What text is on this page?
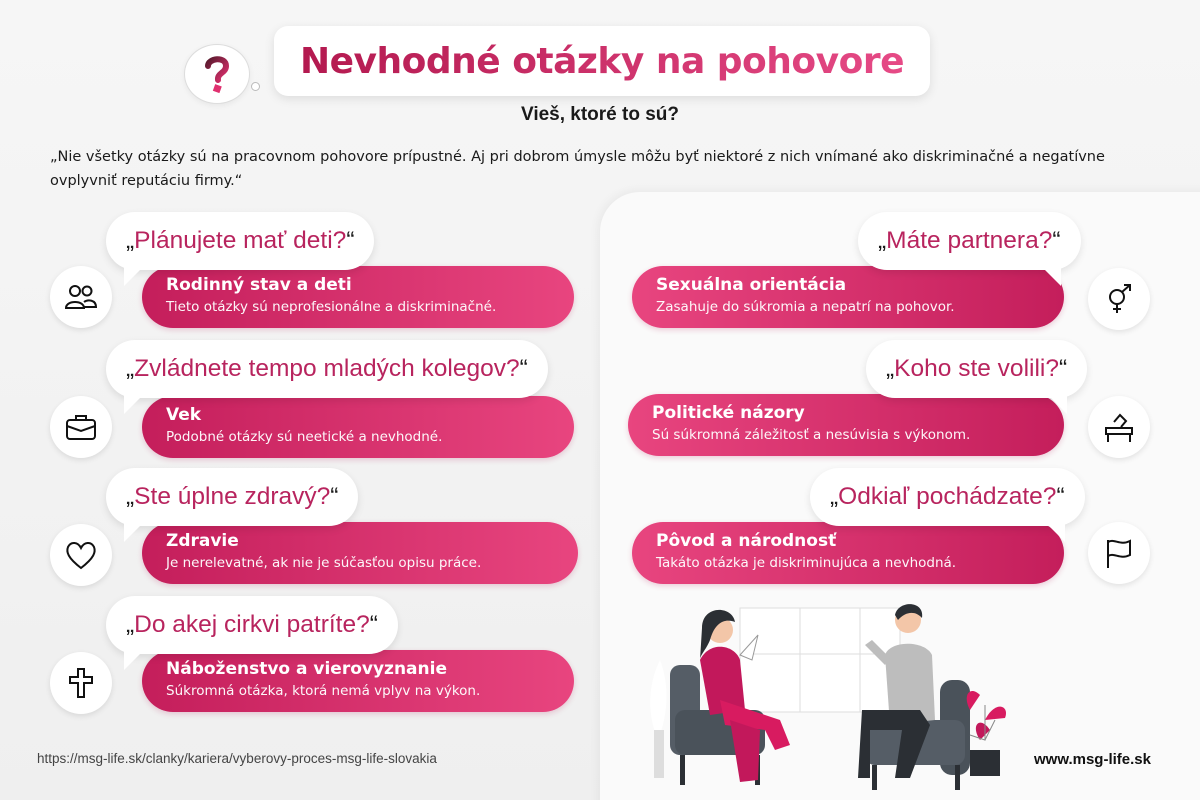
Nevhodné otázky na pohovore
Vieš, ktoré to sú?
„Nie všetky otázky sú na pracovnom pohovore prípustné. Aj pri dobrom úmysle môžu byť niektoré z nich vnímané ako diskriminačné a negatívne ovplyvniť reputáciu firmy.“
Rodinný stav a deti
Tieto otázky sú neprofesionálne a diskriminačné.
„ Plánujete mať deti? “
Vek
Podobné otázky sú neetické a nevhodné.
„ Zvládnete tempo mladých kolegov? “
Zdravie
Je nerelevatné, ak nie je súčasťou opisu práce.
„ Ste úplne zdravý? “
Náboženstvo a vierovyznanie
Súkromná otázka, ktorá nemá vplyv na výkon.
„ Do akej cirkvi patríte? “
Sexuálna orientácia
Zasahuje do súkromia a nepatrí na pohovor.
„ Máte partnera? “
Politické názory
Sú súkromná záležitosť a nesúvisia s výkonom.
„ Koho ste volili? “
Pôvod a národnosť
Takáto otázka je diskriminujúca a nevhodná.
„ Odkiaľ pochádzate? “
https://msg-life.sk/clanky/kariera/vyberovy-proces-msg-life-slovakia	www.msg-life.sk
